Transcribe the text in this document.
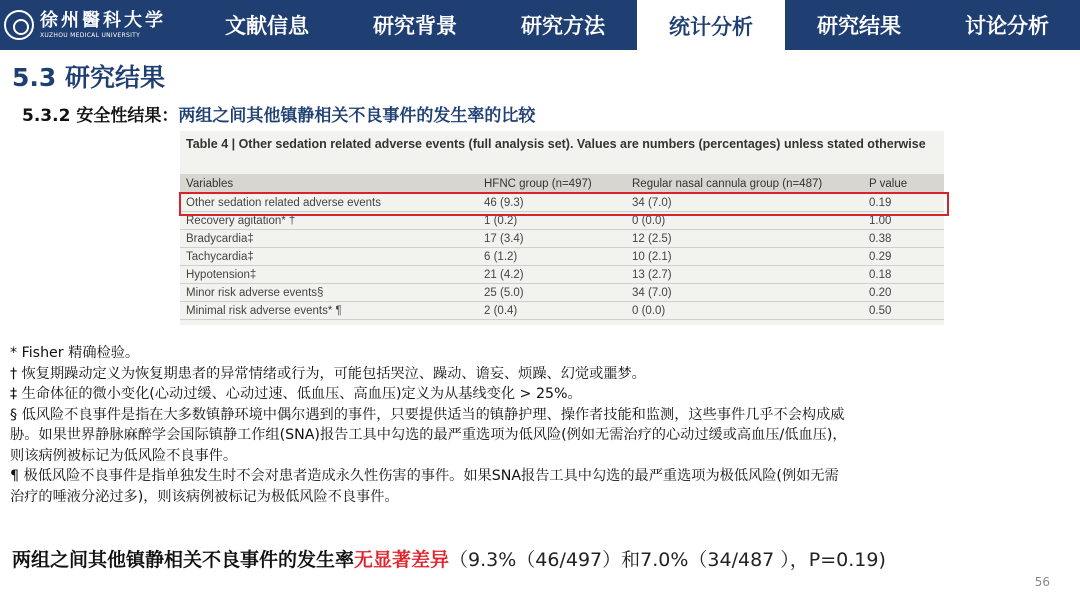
徐州醫科大学
XUZHOU MEDICAL UNIVERSITY	文献信息	研究背景	研究方法	统计分析	研究结果	讨论分析
5.3 研究结果
5.3.2 安全性结果：两组之间其他镇静相关不良事件的发生率的比较
Table 4 | Other sedation related adverse events (full analysis set). Values are numbers (percentages) unless stated otherwise
Variables	HFNC group (n=497)	Regular nasal cannula group (n=487)	P value
Other sedation related adverse events	46 (9.3)	34 (7.0)	0.19
Recovery agitation* †	1 (0.2)	0 (0.0)	1.00
Bradycardia‡	17 (3.4)	12 (2.5)	0.38
Tachycardia‡	6 (1.2)	10 (2.1)	0.29
Hypotension‡	21 (4.2)	13 (2.7)	0.18
Minor risk adverse events§	25 (5.0)	34 (7.0)	0.20
Minimal risk adverse events* ¶	2 (0.4)	0 (0.0)	0.50
* Fisher 精确检验。
† 恢复期躁动定义为恢复期患者的异常情绪或行为，可能包括哭泣、躁动、谵妄、烦躁、幻觉或噩梦。
‡ 生命体征的微小变化(心动过缓、心动过速、低血压、高血压)定义为从基线变化 > 25%。
§ 低风险不良事件是指在大多数镇静环境中偶尔遇到的事件，只要提供适当的镇静护理、操作者技能和监测，这些事件几乎不会构成威
胁。如果世界静脉麻醉学会国际镇静工作组(SNA)报告工具中勾选的最严重选项为低风险(例如无需治疗的心动过缓或高血压/低血压)，
则该病例被标记为低风险不良事件。
¶ 极低风险不良事件是指单独发生时不会对患者造成永久性伤害的事件。如果SNA报告工具中勾选的最严重选项为极低风险(例如无需
治疗的唾液分泌过多)，则该病例被标记为极低风险不良事件。
两组之间其他镇静相关不良事件的发生率无显著差异（9.3%（46/497）和7.0%（34/487 ），P=0.19)
56
